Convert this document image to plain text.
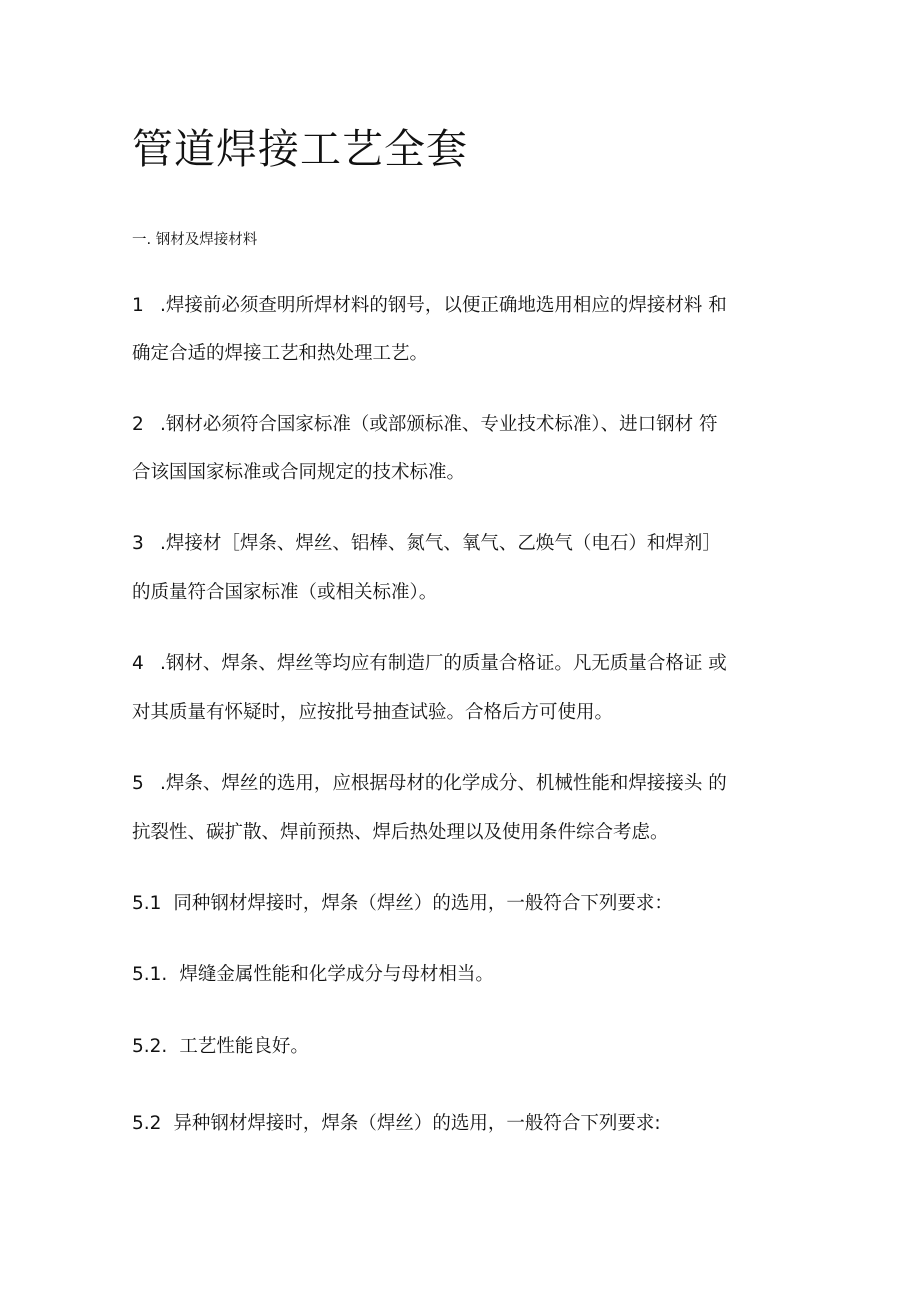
管道焊接工艺全套
一. 钢材及焊接材料
1 .焊接前必须查明所焊材料的钢号，以便正确地选用相应的焊接材料 和
确定合适的焊接工艺和热处理工艺。
2 .钢材必须符合国家标准（或部颁标准、专业技术标准）、进口钢材 符
合该国国家标准或合同规定的技术标准。
3 .焊接材［焊条、焊丝、铝棒、氮气、氧气、乙焕气（电石）和焊剂］
的质量符合国家标准（或相关标准）。
4 .钢材、焊条、焊丝等均应有制造厂的质量合格证。凡无质量合格证 或
对其质量有怀疑时，应按批号抽查试验。合格后方可使用。
5 .焊条、焊丝的选用，应根据母材的化学成分、机械性能和焊接接头 的
抗裂性、碳扩散、焊前预热、焊后热处理以及使用条件综合考虑。
5.1 同种钢材焊接时，焊条（焊丝）的选用，一般符合下列要求：
5.1. 焊缝金属性能和化学成分与母材相当。
5.2. 工艺性能良好。
5.2 异种钢材焊接时，焊条（焊丝）的选用，一般符合下列要求:
